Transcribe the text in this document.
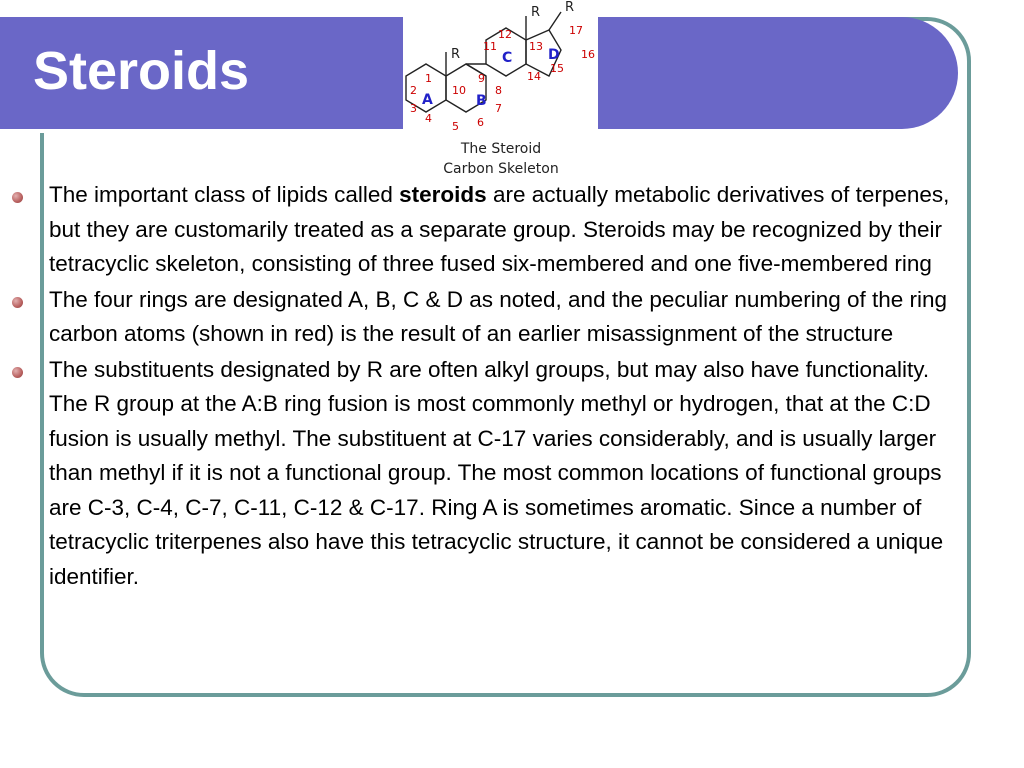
Steroids	1
2
3
4
5 6
7
8
9
10
11
12
13
14
15
16
17
A	B
C	D
R
R R
The Steroid
Carbon Skeleton
The important class of lipids called steroids are actually metabolic derivatives of terpenes, but they are customarily treated as a separate group. Steroids may be recognized by their tetracyclic skeleton, consisting of three fused six-membered and one five-membered ring
The four rings are designated A, B, C & D as noted, and the peculiar numbering of the ring carbon atoms (shown in red) is the result of an earlier misassignment of the structure
The substituents designated by R are often alkyl groups, but may also have functionality. The R group at the A:B ring fusion is most commonly methyl or hydrogen, that at the C:D fusion is usually methyl. The substituent at C-17 varies considerably, and is usually larger than methyl if it is not a functional group. The most common locations of functional groups are C-3, C-4, C-7, C-11, C-12 & C-17. Ring A is sometimes aromatic. Since a number of tetracyclic triterpenes also have this tetracyclic structure, it cannot be considered a unique identifier.
